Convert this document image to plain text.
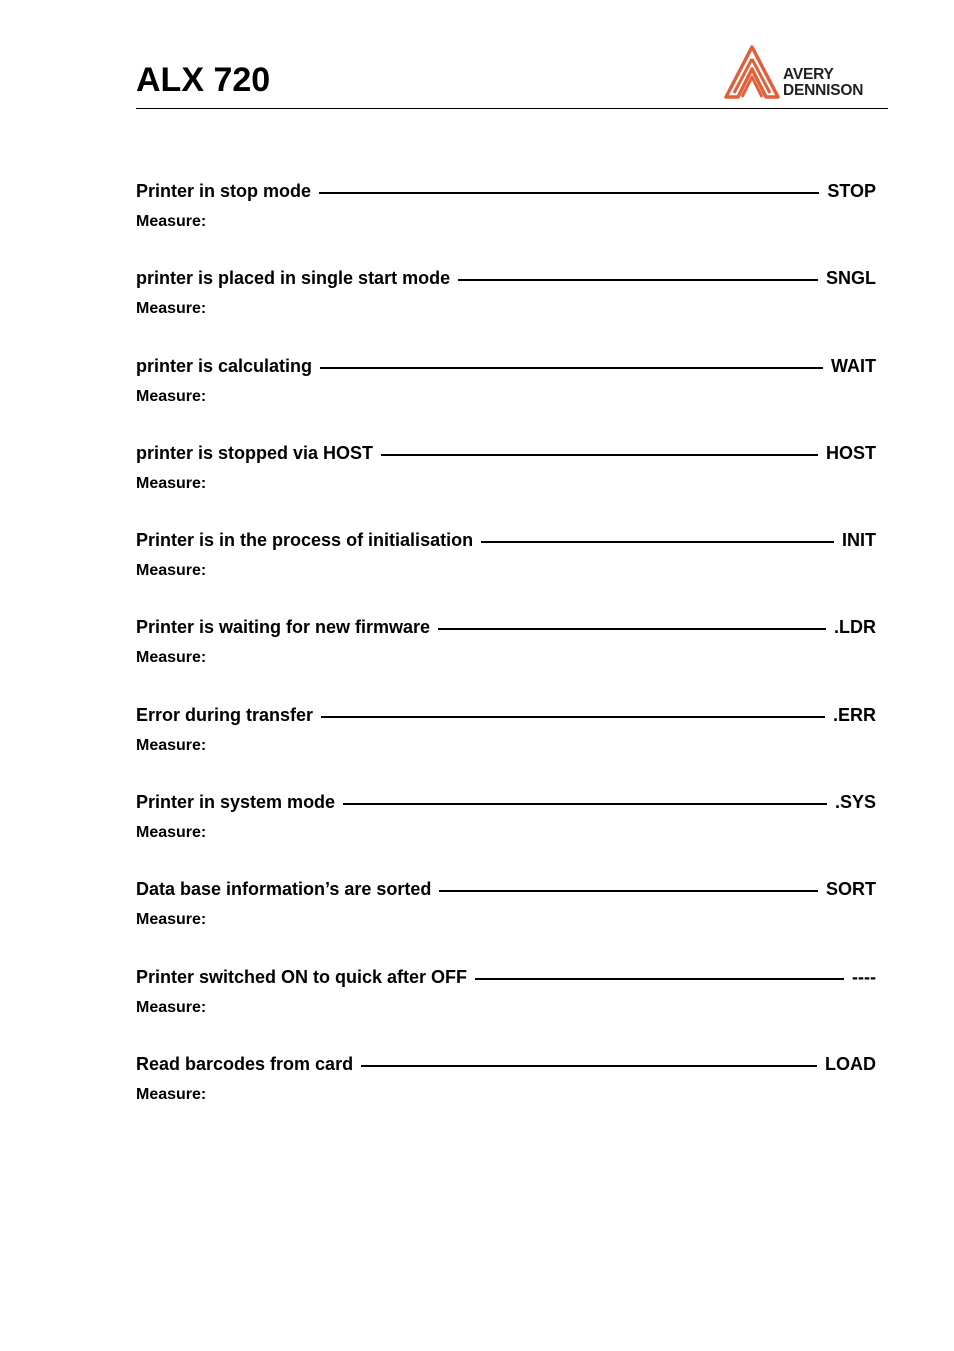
ALX 720	AVERY
DENNISON
Printer in stop mode	STOP
Measure:
printer is placed in single start mode	SNGL
Measure:
printer is calculating	WAIT
Measure:
printer is stopped via HOST	HOST
Measure:
Printer is in the process of initialisation	INIT
Measure:
Printer is waiting for new firmware	.LDR
Measure:
Error during transfer	.ERR
Measure:
Printer in system mode	.SYS
Measure:
Data base information’s are sorted	SORT
Measure:
Printer switched ON to quick after OFF	----
Measure:
Read barcodes from card	LOAD
Measure:
